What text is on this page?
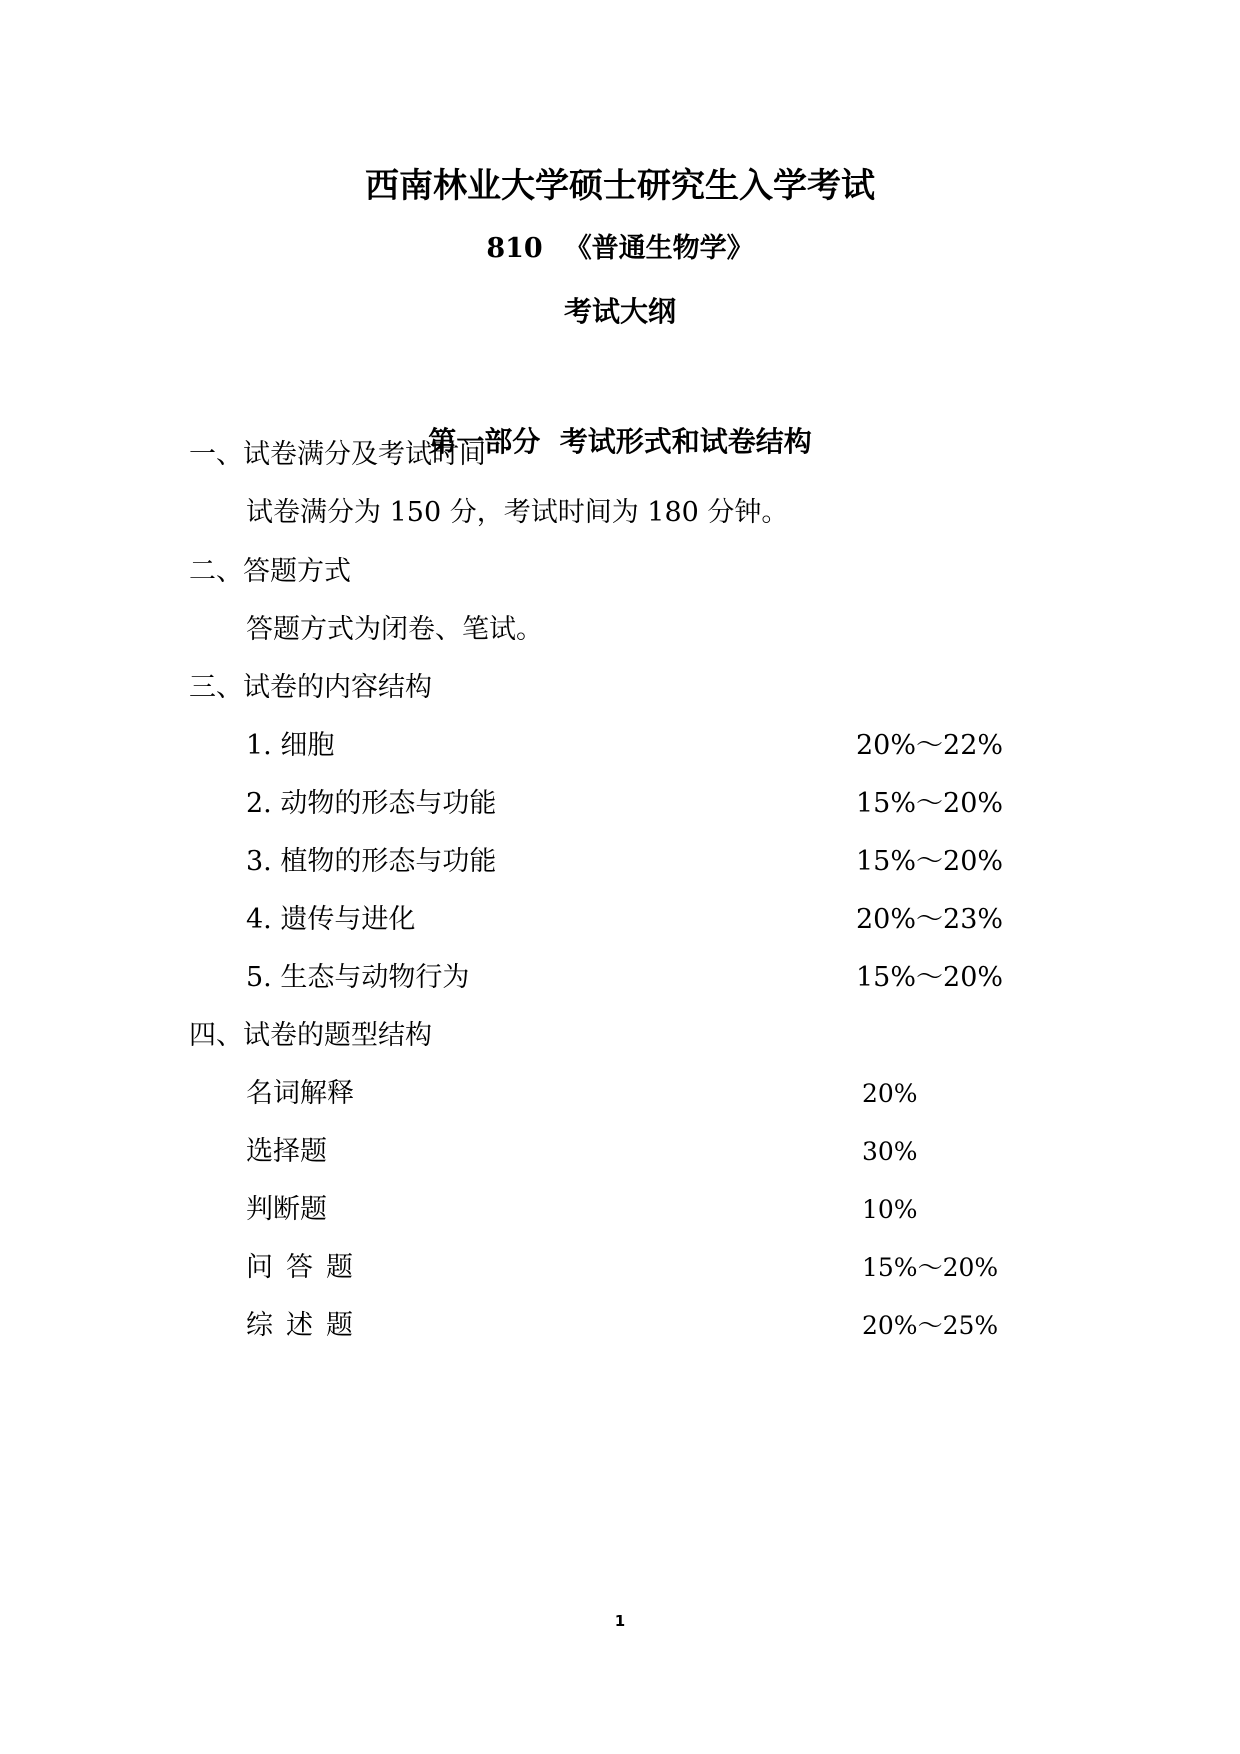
西南林业大学硕士研究生入学考试
810 《普通生物学》
考试大纲
第一部分  考试形式和试卷结构
一、试卷满分及考试时间
试卷满分为 150 分，考试时间为 180 分钟。
二、答题方式
答题方式为闭卷、笔试。
三、试卷的内容结构
1. 细胞	20%～22%
2. 动物的形态与功能	15%～20%
3. 植物的形态与功能	15%～20%
4. 遗传与进化	20%～23%
5. 生态与动物行为	15%～20%
四、试卷的题型结构
名词解释	20%
选择题	30%
判断题	10%
问答题	15%～20%
综述题	20%～25%
1
